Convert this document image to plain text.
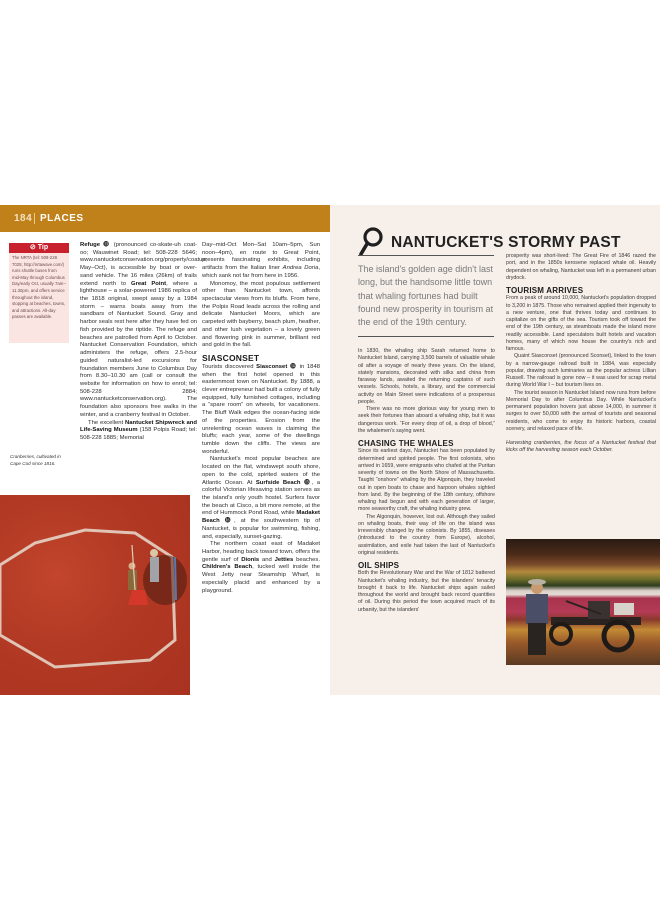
184 PLACES
⊘ Tip
The NRTA (tel: 508-228 7025; http://nrtawave.com/) runs shuttle buses from mid-May through Columbus Day/early Oct, usually 7am–11.30pm, and offers service throughout the island, stopping at beaches, towns, and attractions. All-day passes are available.
Cranberries, cultivated in Cape Cod since 1816.

Refuge ⓭ (pronounced co-skate-uh coat-oo; Wauwinet Road; tel: 508-228 5646; www.nantucketconservation.org/property/coatue; May–Oct), is accessible by boat or over-sand vehicle. The 16 miles (26km) of trails extend north to Great Point, where a lighthouse – a solar-powered 1986 replica of the 1818 original, swept away by a 1984 storm – warns boats away from the sandbars of Nantucket Sound. Gray and harbor seals rest here after they have fed on fish provided by the riptide. The refuge and beaches are patrolled from April to October. Nantucket Conservation Foundation, which administers the refuge, offers 2.5-hour guided naturalist-led excursions for foundation members June to Columbus Day from 8.30–10.30 am (call or consult the website for information on how to enrol; tel: 508-228 2884; www.nantucketconservation.org). The foundation also sponsors free walks in the winter, and a cranberry festival in October.

The excellent Nantucket Shipwreck and Life-Saving Museum (158 Polpis Road; tel: 508-228 1885; Memorial

Day–mid-Oct Mon–Sat 10am–5pm, Sun noon–4pm), en route to Great Point, presents fascinating exhibits, including artifacts from the Italian liner Andrea Doria, which sank not far from here in 1956.

Monomoy, the most populous settlement other than Nantucket town, affords spectacular views from its bluffs. From here, the Polpis Road leads across the rolling and delicate Nantucket Moors, which are carpeted with bayberry, beach plum, heather, and other lush vegetation – a lovely green and flowering pink in summer, brilliant red and gold in the fall.

SIASCONSET

Tourists discovered Siasconset ⓮ in 1848 when the first hotel opened in this easternmost town on Nantucket. By 1888, a clever entrepreneur had built a colony of fully equipped, fully furnished cottages, including a “spare room” on wheels, for vacationers. The Bluff Walk edges the ocean-facing side of the properties. Erosion from the unrelenting ocean waves is claiming the bluffs; each year, some of the dwellings tumble down the cliffs. The views are wonderful.

Nantucket's most popular beaches are located on the flat, windswept south shore, open to the cold, spirited waters of the Atlantic Ocean. At Surfside Beach ⓯, a colorful Victorian lifesaving station serves as the island's only youth hostel. Surfers favor the beach at Cisco, a bit more remote, at the end of Hummock Pond Road, while Madaket Beach ⓰, at the southwestern tip of Nantucket, is popular for swimming, fishing, and, especially, sunset-gazing.

The northern coast east of Madaket Harbor, heading back toward town, offers the gentle surf of Dionis and Jetties beaches. Children's Beach, tucked well inside the West Jetty near Steamship Wharf, is especially placid and enhanced by a playground.

NANTUCKET'S STORMY PAST
The island's golden age didn't last long, but the handsome little town that whaling fortunes had built found new prosperity in tourism at the end of the 19th century.

In 1830, the whaling ship Sarah returned home to Nantucket Island, carrying 3,500 barrels of valuable whale oil after a voyage of nearly three years. On the island, stately mansions, decorated with silks and china from faraway lands, awaited the returning captains of such vessels. Schools, hotels, a library, and the commercial activity on Main Street were indications of a prosperous people.

There was no more glorious way for young men to seek their fortunes than aboard a whaling ship, but it was dangerous work. “For every drop of oil, a drop of blood,” the whalemen's saying went.

CHASING THE WHALES

Since its earliest days, Nantucket has been populated by determined and spirited people. The first colonists, who arrived in 1659, were emigrants who chafed at the Puritan severity of towns on the North Shore of Massachusetts. Taught “onshore” whaling by the Algonquin, they traveled out in open boats to chase and harpoon whales sighted from land. By the beginning of the 18th century, offshore whaling had begun and with each generation of larger, more seaworthy craft, the whaling industry grew.

The Algonquin, however, lost out. Although they sailed on whaling boats, their way of life on the island was irreversibly changed by the colonists. By 1855, diseases (introduced to the country from Europe), alcohol, assimilation, and exile had taken the last of Nantucket's original residents.

OIL SHIPS

Both the Revolutionary War and the War of 1812 battered Nantucket's whaling industry, but the islanders' tenacity brought it back to life. Nantucket ships again sailed throughout the world and brought back record quantities of oil. During this period the town acquired much of its urbanity, but the islanders'

prosperity was short-lived: The Great Fire of 1846 razed the port, and in the 1850s kerosene replaced whale oil. Heavily dependent on whaling, Nantucket was left in a permanent urban drydock.

TOURISM ARRIVES

From a peak of around 10,000, Nantucket's population dropped to 3,200 in 1875. Those who remained applied their ingenuity to a new venture, one that thrives today and continues to capitalize on the gifts of the sea. Tourism took off toward the end of the 19th century, as steamboats made the island more readily accessible. Land speculators built hotels and vacation homes, many of which now house the country's rich and famous.

Quaint Siasconset (pronounced Sconset), linked to the town by a narrow-gauge railroad built in 1884, was especially popular, drawing such luminaries as the popular actress Lillian Russell. The railroad is gone now – it was used for scrap metal during World War I – but tourism lives on.

The tourist season in Nantucket Island now runs from before Memorial Day to after Columbus Day. While Nantucket's permanent population hovers just above 14,000, in summer it surges to over 50,000 with the arrival of tourists and seasonal residents, who come to enjoy its historic harbors, coastal scenery, and relaxed pace of life.

Harvesting cranberries, the focus of a Nantucket festival that kicks off the harvesting season each October.
